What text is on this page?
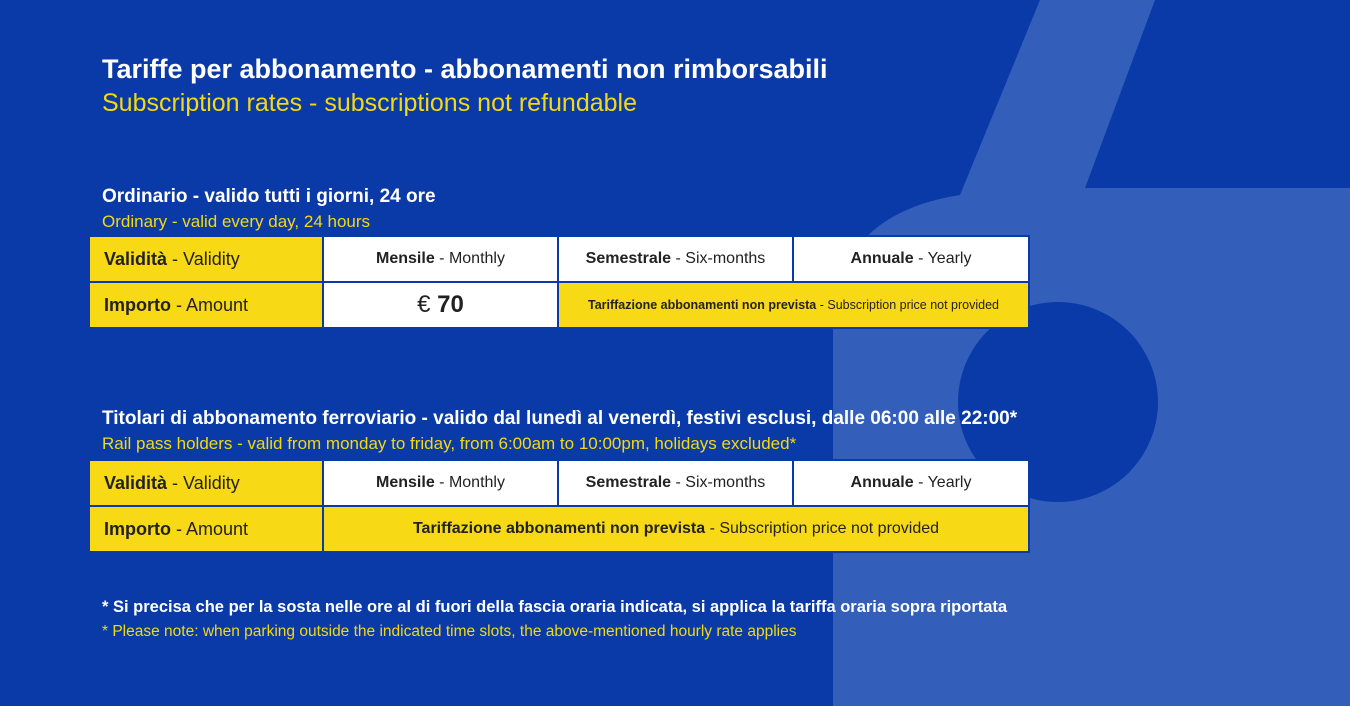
Tariffe per abbonamento - abbonamenti non rimborsabili

Subscription rates - subscriptions not refundable

Ordinario - valido tutti i giorni, 24 ore

Ordinary - valid every day, 24 hours

Validità - Validity	Mensile - Monthly	Semestrale - Six-months	Annuale - Yearly
Importo - Amount	€ 70	Tariffazione abbonamenti non prevista - Subscription price not provided	

Titolari di abbonamento ferroviario - valido dal lunedì al venerdì, festivi esclusi, dalle 06:00 alle 22:00*

Rail pass holders - valid from monday to friday, from 6:00am to 10:00pm, holidays excluded*

Validità - Validity	Mensile - Monthly	Semestrale - Six-months	Annuale - Yearly
Importo - Amount	Tariffazione abbonamenti non prevista - Subscription price not provided		

* Si precisa che per la sosta nelle ore al di fuori della fascia oraria indicata, si applica la tariffa oraria sopra riportata

* Please note: when parking outside the indicated time slots, the above-mentioned hourly rate applies
